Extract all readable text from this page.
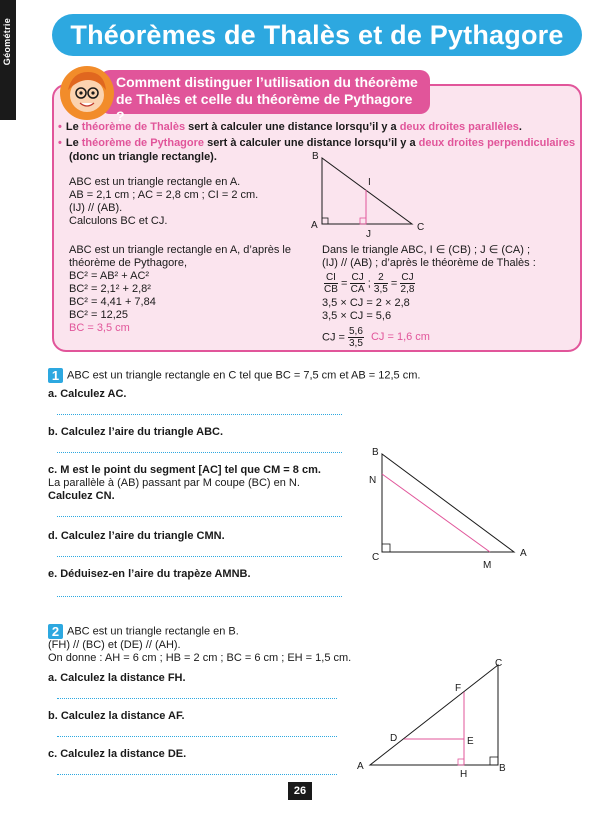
Géométrie	Théorèmes de Thalès et de Pythagore
Comment distinguer l’utilisation du théorème
de Thalès et celle du théorème de Pythagore ?
• Le théorème de Thalès sert à calculer une distance lorsqu’il y a deux droites parallèles.
• Le théorème de Pythagore sert à calculer une distance lorsqu’il y a deux droites perpendiculaires
(donc un triangle rectangle).
ABC est un triangle rectangle en A.
AB = 2,1 cm ; AC = 2,8 cm ; CI = 2 cm.
(IJ) // (AB).
Calculons BC et CJ.
B
I
A
J
C
ABC est un triangle rectangle en A, d’après le
théorème de Pythagore,
BC² = AB² + AC²
BC² = 2,1² + 2,8²
BC² = 4,41 + 7,84
BC² = 12,25
BC = 3,5 cm
Dans le triangle ABC, I ∈ (CB) ; J ∈ (CA) ;
(IJ) // (AB) ; d’après le théorème de Thalès :
$\frac{CI}{CB} = \frac{CJ}{CA}$ ; $\frac{2}{3,5} = \frac{CJ}{2,8}$
3,5 × CJ = 2 × 2,8
3,5 × CJ = 5,6
CJ = $\frac{5,6}{3,5}$ CJ = 1,6 cm
1 ABC est un triangle rectangle en C tel que BC = 7,5 cm et AB = 12,5 cm.
a. Calculez AC.
b. Calculez l’aire du triangle ABC.
c. M est le point du segment [AC] tel que CM = 8 cm.
La parallèle à (AB) passant par M coupe (BC) en N.
Calculez CN.
d. Calculez l’aire du triangle CMN.
e. Déduisez-en l’aire du trapèze AMNB.
B
N
C
M
A
2 ABC est un triangle rectangle en B.
(FH) // (BC) et (DE) // (AH).
On donne : AH = 6 cm ; HB = 2 cm ; BC = 6 cm ; EH = 1,5 cm.
a. Calculez la distance FH.
b. Calculez la distance AF.
c. Calculez la distance DE.
C
F
D	E
A
H
B
26
